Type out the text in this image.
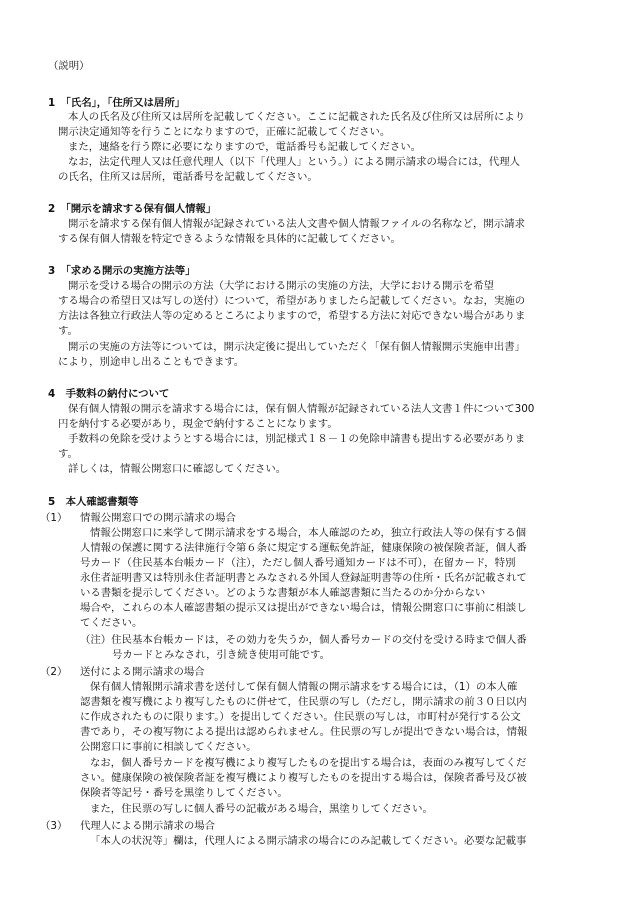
（説明）
1　「氏名」，「住所又は居所」
本人の氏名及び住所又は居所を記載してください。ここに記載された氏名及び住所又は居所により
開示決定通知等を行うことになりますので，正確に記載してください。
また，連絡を行う際に必要になりますので，電話番号も記載してください。
なお，法定代理人又は任意代理人（以下「代理人」という。）による開示請求の場合には，代理人
の氏名，住所又は居所，電話番号を記載してください。
2　「開示を請求する保有個人情報」
開示を請求する保有個人情報が記録されている法人文書や個人情報ファイルの名称など，開示請求
する保有個人情報を特定できるような情報を具体的に記載してください。
3　「求める開示の実施方法等」
開示を受ける場合の開示の方法（大学における開示の実施の方法，大学における開示を希望
する場合の希望日又は写しの送付）について，希望がありましたら記載してください。なお，実施の
方法は各独立行政法人等の定めるところによりますので，希望する方法に対応できない場合がありま
す。
開示の実施の方法等については，開示決定後に提出していただく「保有個人情報開示実施申出書」
により，別途申し出ることもできます。
4　手数料の納付について
保有個人情報の開示を請求する場合には，保有個人情報が記録されている法人文書１件について300
円を納付する必要があり，現金で納付することになります。
手数料の免除を受けようとする場合には，別記様式１８－１の免除申請書も提出する必要がありま
す。
詳しくは，情報公開窓口に確認してください。
5　本人確認書類等
（1） 情報公開窓口での開示請求の場合
情報公開窓口に来学して開示請求をする場合，本人確認のため，独立行政法人等の保有する個
人情報の保護に関する法律施行令第６条に規定する運転免許証，健康保険の被保険者証，個人番
号カード（住民基本台帳カード（注），ただし個人番号通知カードは不可），在留カード，特別
永住者証明書又は特別永住者証明書とみなされる外国人登録証明書等の住所・氏名が記載されて
いる書類を提示してください。どのような書類が本人確認書類に当たるのか分からない
場合や，これらの本人確認書類の提示又は提出ができない場合は，情報公開窓口に事前に相談し
てください。
（注）住民基本台帳カードは，その効力を失うか，個人番号カードの交付を受ける時まで個人番
号カードとみなされ，引き続き使用可能です。
（2） 送付による開示請求の場合
保有個人情報開示請求書を送付して保有個人情報の開示請求をする場合には，（1）の本人確
認書類を複写機により複写したものに併せて，住民票の写し（ただし，開示請求の前３０日以内
に作成されたものに限ります。）を提出してください。住民票の写しは，市町村が発行する公文
書であり，その複写物による提出は認められません。住民票の写しが提出できない場合は，情報
公開窓口に事前に相談してください。
なお，個人番号カードを複写機により複写したものを提出する場合は，表面のみ複写してくだ
さい。健康保険の被保険者証を複写機により複写したものを提出する場合は，保険者番号及び被
保険者等記号・番号を黒塗りしてください。
また，住民票の写しに個人番号の記載がある場合，黒塗りしてください。
（3） 代理人による開示請求の場合
「本人の状況等」欄は，代理人による開示請求の場合にのみ記載してください。必要な記載事
